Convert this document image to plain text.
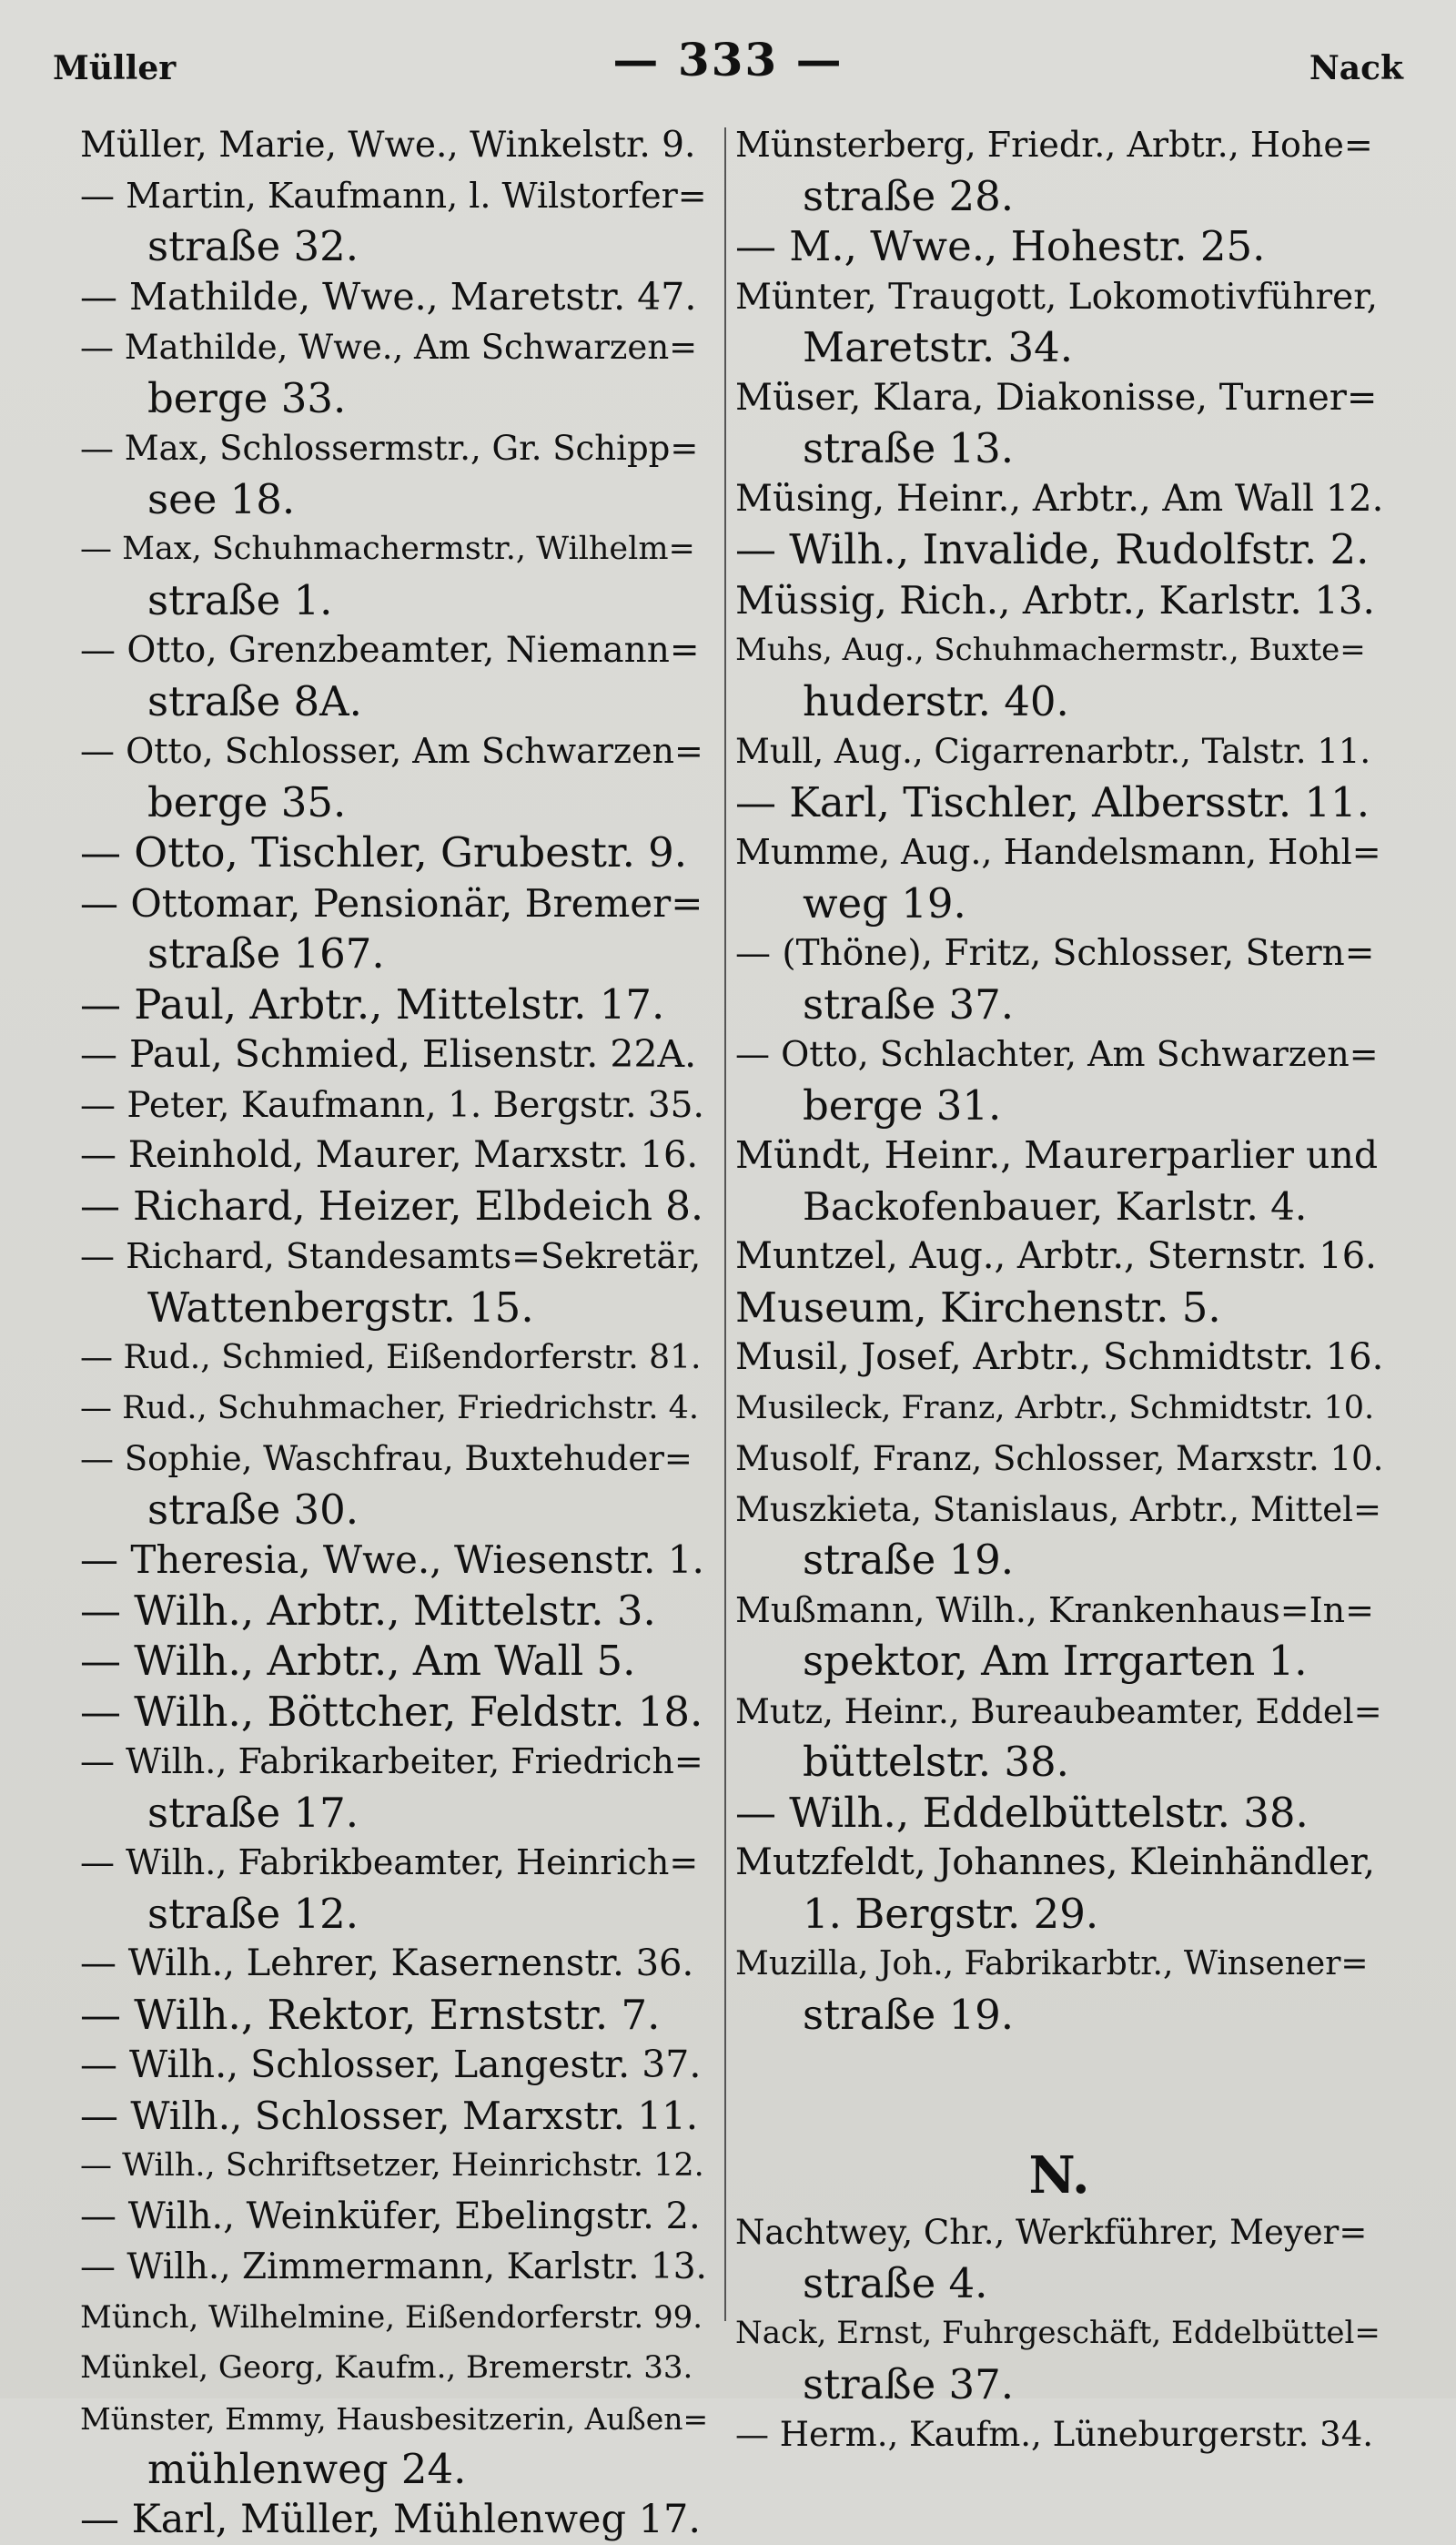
Müller	— 333 —	Nack
Müller, Marie, Wwe., Winkelstr. 9.
— Martin, Kaufmann, l. Wilstorfer=
straße 32.
— Mathilde, Wwe., Maretstr. 47.
— Mathilde, Wwe., Am Schwarzen=
berge 33.
— Max, Schlossermstr., Gr. Schipp=
see 18.
— Max, Schuhmachermstr., Wilhelm=
straße 1.
— Otto, Grenzbeamter, Niemann=
straße 8A.
— Otto, Schlosser, Am Schwarzen=
berge 35.
— Otto, Tischler, Grubestr. 9.
— Ottomar, Pensionär, Bremer=
straße 167.
— Paul, Arbtr., Mittelstr. 17.
— Paul, Schmied, Elisenstr. 22A.
— Peter, Kaufmann, 1. Bergstr. 35.
— Reinhold, Maurer, Marxstr. 16.
— Richard, Heizer, Elbdeich 8.
— Richard, Standesamts=Sekretär,
Wattenbergstr. 15.
— Rud., Schmied, Eißendorferstr. 81.
— Rud., Schuhmacher, Friedrichstr. 4.
— Sophie, Waschfrau, Buxtehuder=
straße 30.
— Theresia, Wwe., Wiesenstr. 1.
— Wilh., Arbtr., Mittelstr. 3.
— Wilh., Arbtr., Am Wall 5.
— Wilh., Böttcher, Feldstr. 18.
— Wilh., Fabrikarbeiter, Friedrich=
straße 17.
— Wilh., Fabrikbeamter, Heinrich=
straße 12.
— Wilh., Lehrer, Kasernenstr. 36.
— Wilh., Rektor, Ernststr. 7.
— Wilh., Schlosser, Langestr. 37.
— Wilh., Schlosser, Marxstr. 11.
— Wilh., Schriftsetzer, Heinrichstr. 12.
— Wilh., Weinküfer, Ebelingstr. 2.
— Wilh., Zimmermann, Karlstr. 13.
Münch, Wilhelmine, Eißendorferstr. 99.
Münkel, Georg, Kaufm., Bremerstr. 33.
Münster, Emmy, Hausbesitzerin, Außen=
mühlenweg 24.
— Karl, Müller, Mühlenweg 17.
Münsterberg, Friedr., Arbtr., Hohe=
straße 28.
— M., Wwe., Hohestr. 25.
Münter, Traugott, Lokomotivführer,
Maretstr. 34.
Müser, Klara, Diakonisse, Turner=
straße 13.
Müsing, Heinr., Arbtr., Am Wall 12.
— Wilh., Invalide, Rudolfstr. 2.
Müssig, Rich., Arbtr., Karlstr. 13.
Muhs, Aug., Schuhmachermstr., Buxte=
huderstr. 40.
Mull, Aug., Cigarrenarbtr., Talstr. 11.
— Karl, Tischler, Albersstr. 11.
Mumme, Aug., Handelsmann, Hohl=
weg 19.
— (Thöne), Fritz, Schlosser, Stern=
straße 37.
— Otto, Schlachter, Am Schwarzen=
berge 31.
Mündt, Heinr., Maurerparlier und
Backofenbauer, Karlstr. 4.
Muntzel, Aug., Arbtr., Sternstr. 16.
Museum, Kirchenstr. 5.
Musil, Josef, Arbtr., Schmidtstr. 16.
Musileck, Franz, Arbtr., Schmidtstr. 10.
Musolf, Franz, Schlosser, Marxstr. 10.
Muszkieta, Stanislaus, Arbtr., Mittel=
straße 19.
Mußmann, Wilh., Krankenhaus=In=
spektor, Am Irrgarten 1.
Mutz, Heinr., Bureaubeamter, Eddel=
büttelstr. 38.
— Wilh., Eddelbüttelstr. 38.
Mutzfeldt, Johannes, Kleinhändler,
1. Bergstr. 29.
Muzilla, Joh., Fabrikarbtr., Winsener=
straße 19.
N.
Nachtwey, Chr., Werkführer, Meyer=
straße 4.
Nack, Ernst, Fuhrgeschäft, Eddelbüttel=
straße 37.
— Herm., Kaufm., Lüneburgerstr. 34.
